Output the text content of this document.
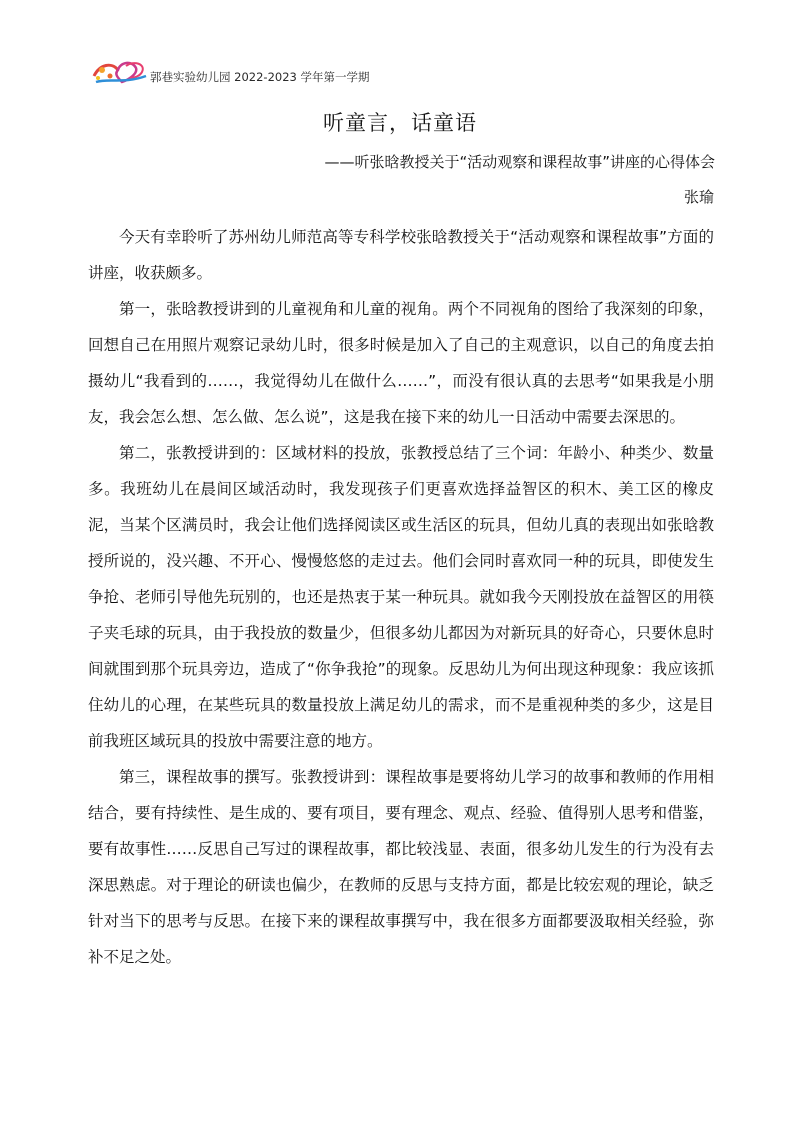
郭巷实验幼儿园 2022-2023 学年第一学期
听童言，话童语
——听张晗教授关于“活动观察和课程故事”讲座的心得体会
张瑜

今天有幸聆听了苏州幼儿师范高等专科学校张晗教授关于“活动观察和课程故事”方面的讲座，收获颇多。

第一，张晗教授讲到的儿童视角和儿童的视角。两个不同视角的图给了我深刻的印象，回想自己在用照片观察记录幼儿时，很多时候是加入了自己的主观意识，以自己的角度去拍摄幼儿“我看到的……，我觉得幼儿在做什么……”，而没有很认真的去思考“如果我是小朋友，我会怎么想、怎么做、怎么说”，这是我在接下来的幼儿一日活动中需要去深思的。

第二，张教授讲到的：区域材料的投放，张教授总结了三个词：年龄小、种类少、数量多。我班幼儿在晨间区域活动时，我发现孩子们更喜欢选择益智区的积木、美工区的橡皮泥，当某个区满员时，我会让他们选择阅读区或生活区的玩具，但幼儿真的表现出如张晗教授所说的，没兴趣、不开心、慢慢悠悠的走过去。他们会同时喜欢同一种的玩具，即使发生争抢、老师引导他先玩别的，也还是热衷于某一种玩具。就如我今天刚投放在益智区的用筷子夹毛球的玩具，由于我投放的数量少，但很多幼儿都因为对新玩具的好奇心，只要休息时间就围到那个玩具旁边，造成了“你争我抢”的现象。反思幼儿为何出现这种现象：我应该抓住幼儿的心理，在某些玩具的数量投放上满足幼儿的需求，而不是重视种类的多少，这是目前我班区域玩具的投放中需要注意的地方。

第三，课程故事的撰写。张教授讲到：课程故事是要将幼儿学习的故事和教师的作用相结合，要有持续性、是生成的、要有项目，要有理念、观点、经验、值得别人思考和借鉴，要有故事性……反思自己写过的课程故事，都比较浅显、表面，很多幼儿发生的行为没有去深思熟虑。对于理论的研读也偏少，在教师的反思与支持方面，都是比较宏观的理论，缺乏针对当下的思考与反思。在接下来的课程故事撰写中，我在很多方面都要汲取相关经验，弥补不足之处。
